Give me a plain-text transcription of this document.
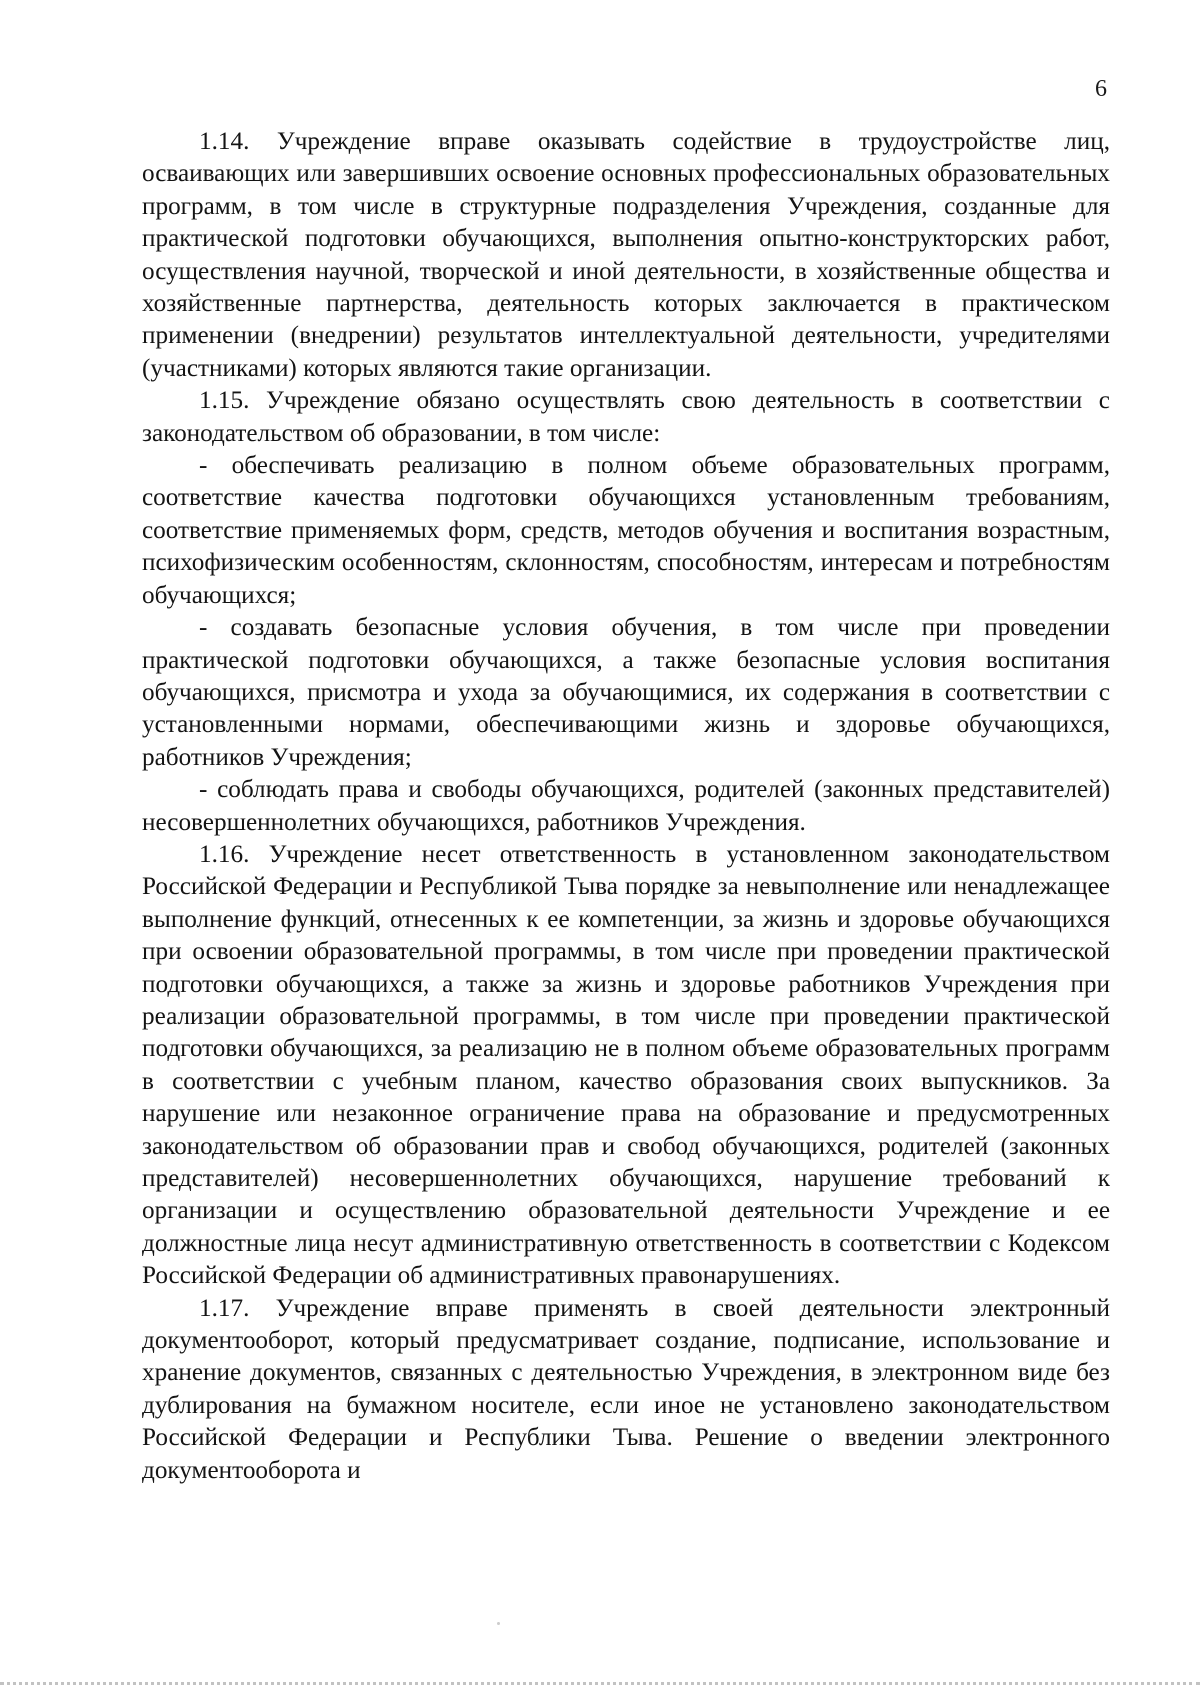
6

1.14. Учреждение вправе оказывать содействие в трудоустройстве лиц, осваивающих или завершивших освоение основных профессиональных образовательных программ, в том числе в структурные подразделения Учреждения, созданные для практической подготовки обучающихся, выполнения опытно-конструкторских работ, осуществления научной, творческой и иной деятельности, в хозяйственные общества и хозяйственные партнерства, деятельность которых заключается в практическом применении (внедрении) результатов интеллектуальной деятельности, учредителями (участниками) которых являются такие организации.

1.15. Учреждение обязано осуществлять свою деятельность в соответствии с законодательством об образовании, в том числе:

- обеспечивать реализацию в полном объеме образовательных программ, соответствие качества подготовки обучающихся установленным требованиям, соответствие применяемых форм, средств, методов обучения и воспитания возрастным, психофизическим особенностям, склонностям, способностям, интересам и потребностям обучающихся;

- создавать безопасные условия обучения, в том числе при проведении практической подготовки обучающихся, а также безопасные условия воспитания обучающихся, присмотра и ухода за обучающимися, их содержания в соответствии с установленными нормами, обеспечивающими жизнь и здоровье обучающихся, работников Учреждения;

- соблюдать права и свободы обучающихся, родителей (законных представителей) несовершеннолетних обучающихся, работников Учреждения.

1.16. Учреждение несет ответственность в установленном законодательством Российской Федерации и Республикой Тыва порядке за невыполнение или ненадлежащее выполнение функций, отнесенных к ее компетенции, за жизнь и здоровье обучающихся при освоении образовательной программы, в том числе при проведении практической подготовки обучающихся, а также за жизнь и здоровье работников Учреждения при реализации образовательной программы, в том числе при проведении практической подготовки обучающихся, за реализацию не в полном объеме образовательных программ в соответствии с учебным планом, качество образования своих выпускников. За нарушение или незаконное ограничение права на образование и предусмотренных законодательством об образовании прав и свобод обучающихся, родителей (законных представителей) несовершеннолетних обучающихся, нарушение требований к организации и осуществлению образовательной деятельности Учреждение и ее должностные лица несут административную ответственность в соответствии с Кодексом Российской Федерации об административных правонарушениях.

1.17. Учреждение вправе применять в своей деятельности электронный документооборот, который предусматривает создание, подписание, использование и хранение документов, связанных с деятельностью Учреждения, в электронном виде без дублирования на бумажном носителе, если иное не установлено законодательством Российской Федерации и Республики Тыва. Решение о введении электронного документооборота и
